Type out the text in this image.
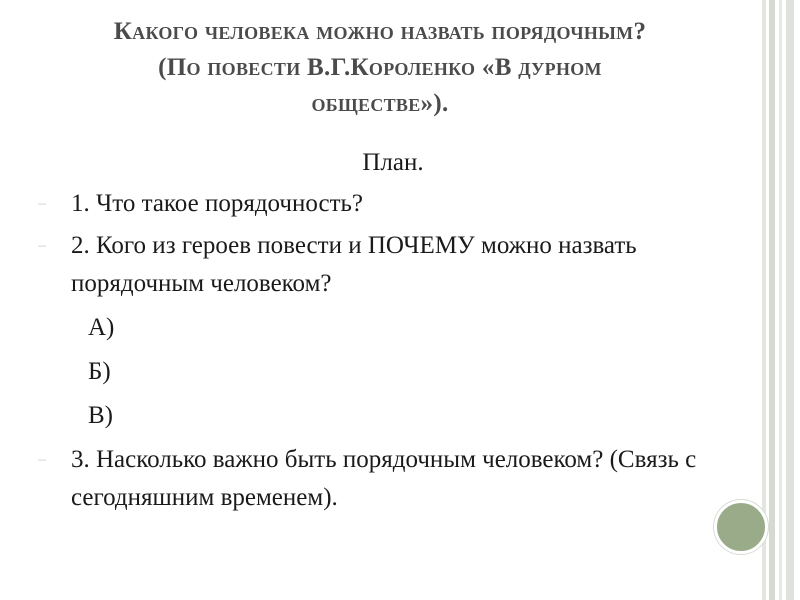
Какого человека можно назвать порядочным?
(По повести В.Г.Короленко «В дурном
обществе»).
План.
‒	1. Что такое порядочность?
‒	2. Кого из героев повести и ПОЧЕМУ можно назвать порядочным человеком?
А)
Б)
В)
‒	3. Насколько важно быть порядочным человеком? (Связь с сегодняшним временем).
